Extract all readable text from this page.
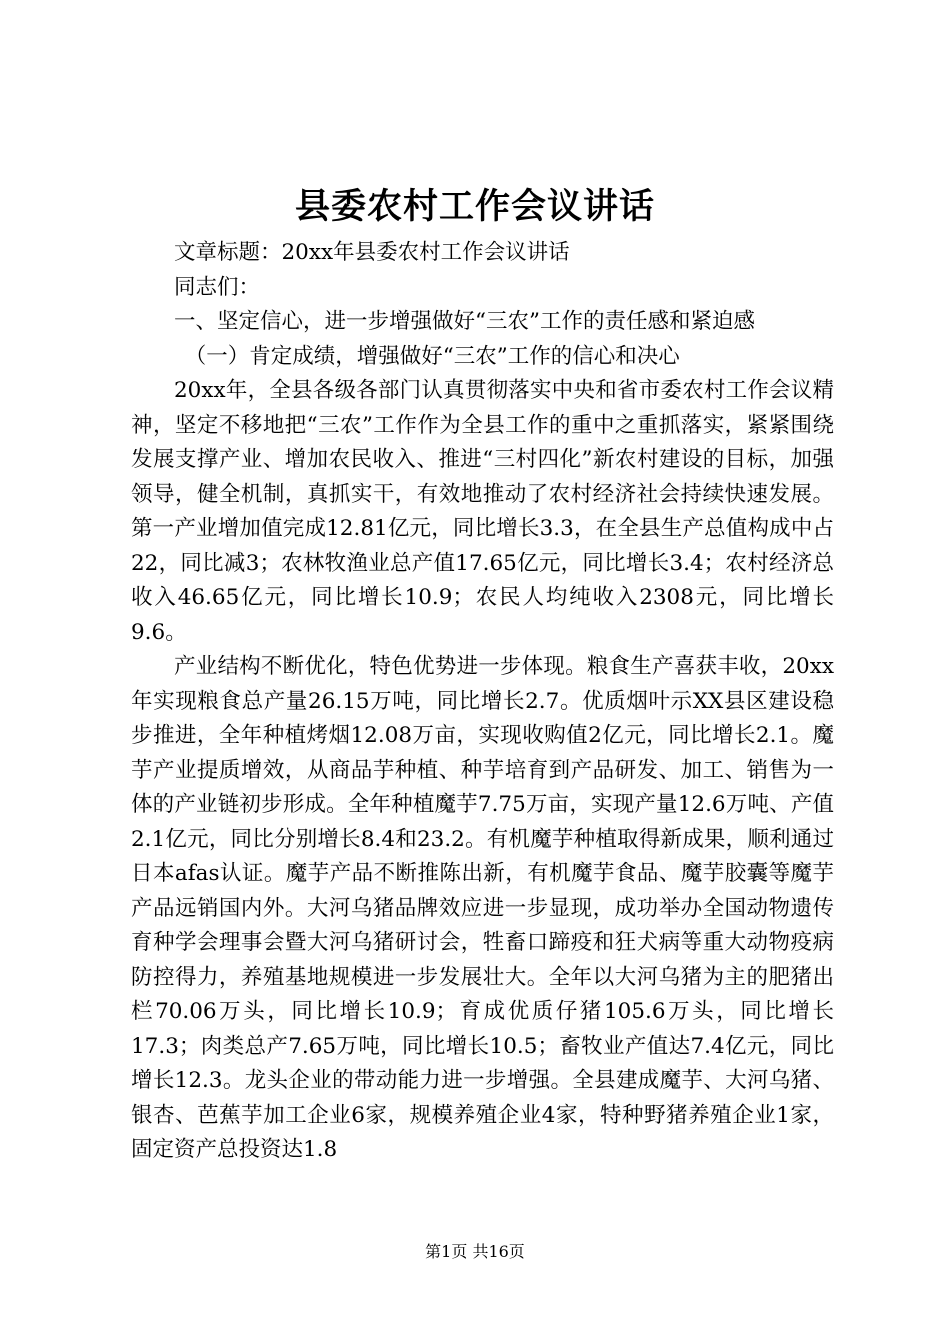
县委农村工作会议讲话

文章标题：20xx年县委农村工作会议讲话

同志们：

一、坚定信心，进一步增强做好“三农”工作的责任感和紧迫感

（一）肯定成绩，增强做好“三农”工作的信心和决心

20xx年，全县各级各部门认真贯彻落实中央和省市委农村工作会议精神，坚定不移地把“三农”工作作为全县工作的重中之重抓落实，紧紧围绕发展支撑产业、增加农民收入、推进“三村四化”新农村建设的目标，加强领导，健全机制，真抓实干，有效地推动了农村经济社会持续快速发展。第一产业增加值完成12.81亿元，同比增长3.3，在全县生产总值构成中占22，同比减3；农林牧渔业总产值17.65亿元，同比增长3.4；农村经济总收入46.65亿元，同比增长10.9；农民人均纯收入2308元，同比增长9.6。

产业结构不断优化，特色优势进一步体现。粮食生产喜获丰收，20xx年实现粮食总产量26.15万吨，同比增长2.7。优质烟叶示XX县区建设稳步推进，全年种植烤烟12.08万亩，实现收购值2亿元，同比增长2.1。魔芋产业提质增效，从商品芋种植、种芋培育到产品研发、加工、销售为一体的产业链初步形成。全年种植魔芋7.75万亩，实现产量12.6万吨、产值2.1亿元，同比分别增长8.4和23.2。有机魔芋种植取得新成果，顺利通过日本afas认证。魔芋产品不断推陈出新，有机魔芋食品、魔芋胶囊等魔芋产品远销国内外。大河乌猪品牌效应进一步显现，成功举办全国动物遗传育种学会理事会暨大河乌猪研讨会，牲畜口蹄疫和狂犬病等重大动物疫病防控得力，养殖基地规模进一步发展壮大。全年以大河乌猪为主的肥猪出栏70.06万头，同比增长10.9；育成优质仔猪105.6万头，同比增长17.3；肉类总产7.65万吨，同比增长10.5；畜牧业产值达7.4亿元，同比增长12.3。龙头企业的带动能力进一步增强。全县建成魔芋、大河乌猪、银杏、芭蕉芋加工企业6家，规模养殖企业4家，特种野猪养殖企业1家，固定资产总投资达1.8

第1页 共16页
